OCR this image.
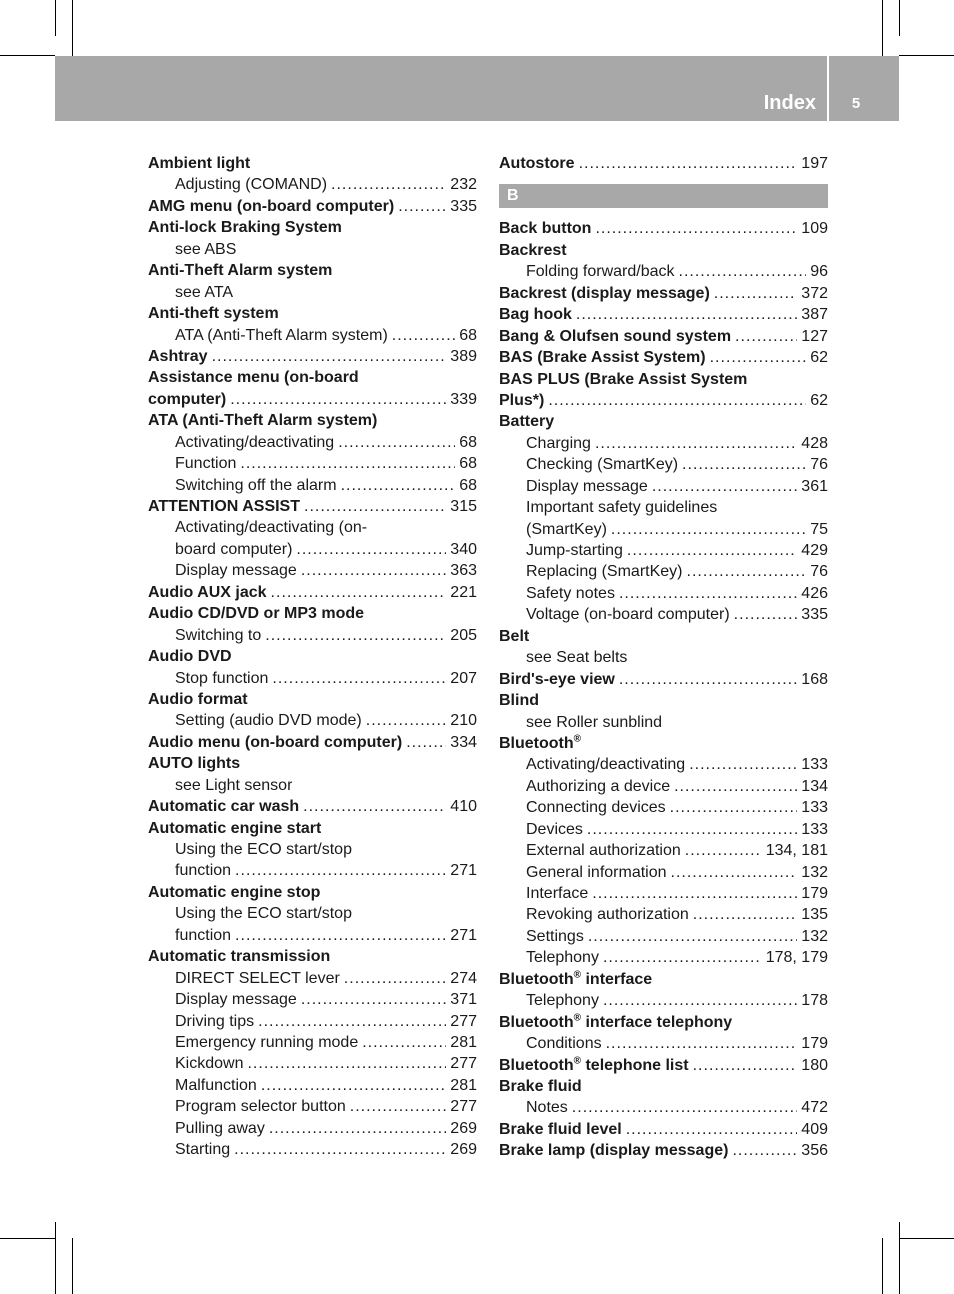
Index	5
Ambient light
Adjusting (COMAND) .....	232
AMG menu (on-board computer) .....	335
Anti-lock Braking System
see ABS
Anti-Theft Alarm system
see ATA
Anti-theft system
ATA (Anti-Theft Alarm system) .....	68
Ashtray .....	389
Assistance menu (on-board
computer) .....	339
ATA (Anti-Theft Alarm system)
Activating/deactivating .....	68
Function .....	68
Switching off the alarm .....	68
ATTENTION ASSIST .....	315
Activating/deactivating (on-
board computer) .....	340
Display message .....	363
Audio AUX jack .....	221
Audio CD/DVD or MP3 mode
Switching to .....	205
Audio DVD
Stop function .....	207
Audio format
Setting (audio DVD mode) .....	210
Audio menu (on-board computer) .....	334
AUTO lights
see Light sensor
Automatic car wash .....	410
Automatic engine start
Using the ECO start/stop
function .....	271
Automatic engine stop
Using the ECO start/stop
function .....	271
Automatic transmission
DIRECT SELECT lever .....	274
Display message .....	371
Driving tips .....	277
Emergency running mode .....	281
Kickdown .....	277
Malfunction .....	281
Program selector button .....	277
Pulling away .....	269
Starting .....	269
Autostore .....	197
B
Back button .....	109
Backrest
Folding forward/back .....	96
Backrest (display message) .....	372
Bag hook .....	387
Bang & Olufsen sound system .....	127
BAS (Brake Assist System) .....	62
BAS PLUS (Brake Assist System
Plus*) .....	62
Battery
Charging .....	428
Checking (SmartKey) .....	76
Display message .....	361
Important safety guidelines
(SmartKey) .....	75
Jump-starting .....	429
Replacing (SmartKey) .....	76
Safety notes .....	426
Voltage (on-board computer) .....	335
Belt
see Seat belts
Bird's-eye view .....	168
Blind
see Roller sunblind
Bluetooth®
Activating/deactivating .....	133
Authorizing a device .....	134
Connecting devices .....	133
Devices .....	133
External authorization .....	134, 181
General information .....	132
Interface .....	179
Revoking authorization .....	135
Settings .....	132
Telephony .....	178, 179
Bluetooth® interface
Telephony .....	178
Bluetooth® interface telephony
Conditions .....	179
Bluetooth® telephone list .....	180
Brake fluid
Notes .....	472
Brake fluid level .....	409
Brake lamp (display message) .....	356
